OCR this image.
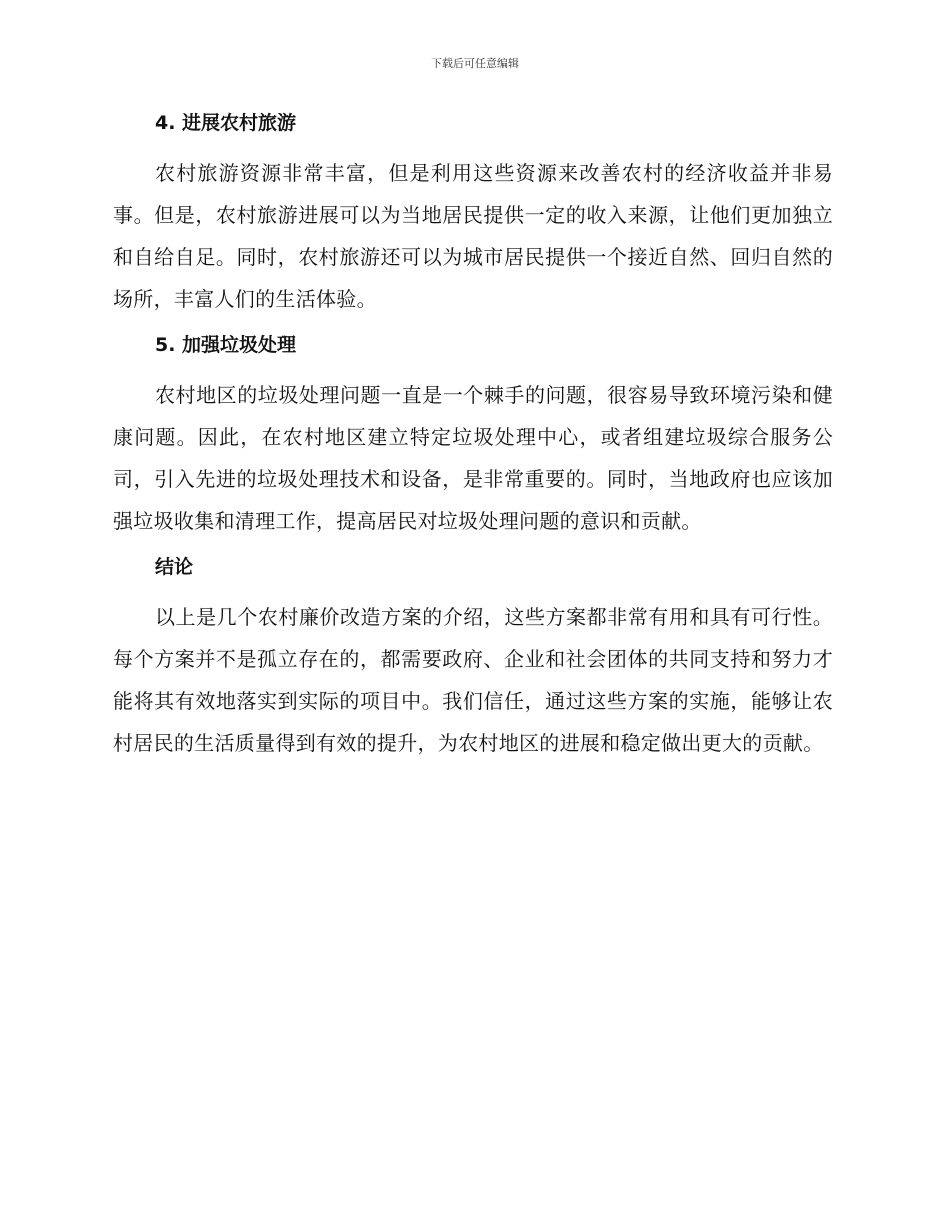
下载后可任意编辑
4. 进展农村旅游

农村旅游资源非常丰富，但是利用这些资源来改善农村的经济收益并非易事。但是，农村旅游进展可以为当地居民提供一定的收入来源，让他们更加独立和自给自足。同时，农村旅游还可以为城市居民提供一个接近自然、回归自然的场所，丰富人们的生活体验。

5. 加强垃圾处理

农村地区的垃圾处理问题一直是一个棘手的问题，很容易导致环境污染和健康问题。因此，在农村地区建立特定垃圾处理中心，或者组建垃圾综合服务公司，引入先进的垃圾处理技术和设备，是非常重要的。同时，当地政府也应该加强垃圾收集和清理工作，提高居民对垃圾处理问题的意识和贡献。

结论

以上是几个农村廉价改造方案的介绍，这些方案都非常有用和具有可行性。每个方案并不是孤立存在的，都需要政府、企业和社会团体的共同支持和努力才能将其有效地落实到实际的项目中。我们信任，通过这些方案的实施，能够让农村居民的生活质量得到有效的提升，为农村地区的进展和稳定做出更大的贡献。
